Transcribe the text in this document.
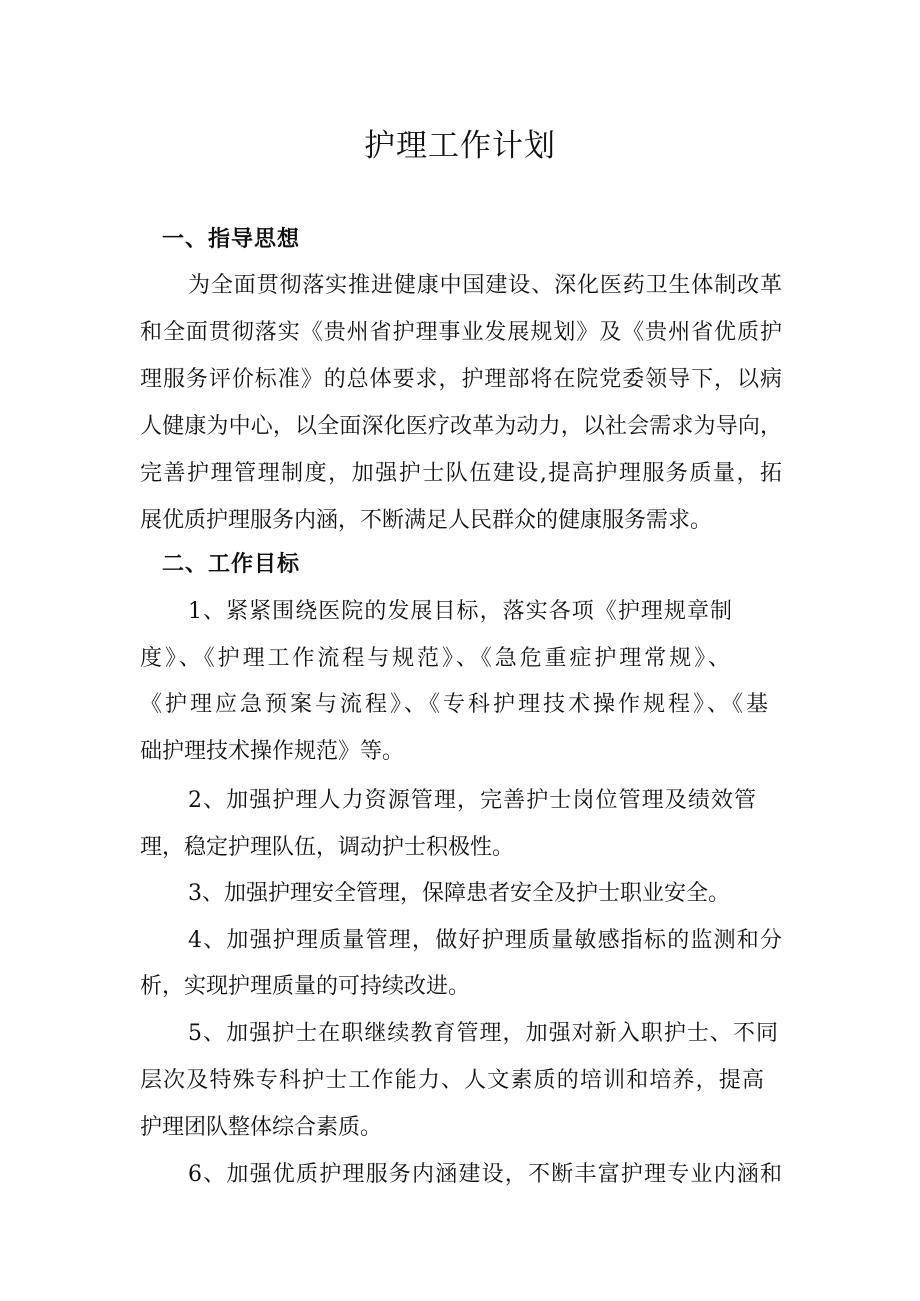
护理工作计划
一、指导思想
为全面贯彻落实推进健康中国建设、深化医药卫生体制改革
和全面贯彻落实《贵州省护理事业发展规划》及《贵州省优质护
理服务评价标准》的总体要求，护理部将在院党委领导下，以病
人健康为中心，以全面深化医疗改革为动力，以社会需求为导向，
完善护理管理制度，加强护士队伍建设,提高护理服务质量，拓
展优质护理服务内涵，不断满足人民群众的健康服务需求。
二、工作目标
1、紧紧围绕医院的发展目标，落实各项《护理规章制
度》、《护理工作流程与规范》、《急危重症护理常规》、
《护理应急预案与流程》、《专科护理技术操作规程》、《基
础护理技术操作规范》等。
2、加强护理人力资源管理，完善护士岗位管理及绩效管
理，稳定护理队伍，调动护士积极性。
3、加强护理安全管理，保障患者安全及护士职业安全。
4、加强护理质量管理，做好护理质量敏感指标的监测和分
析，实现护理质量的可持续改进。
5、加强护士在职继续教育管理，加强对新入职护士、不同
层次及特殊专科护士工作能力、人文素质的培训和培养，提高
护理团队整体综合素质。
6、加强优质护理服务内涵建设，不断丰富护理专业内涵和
